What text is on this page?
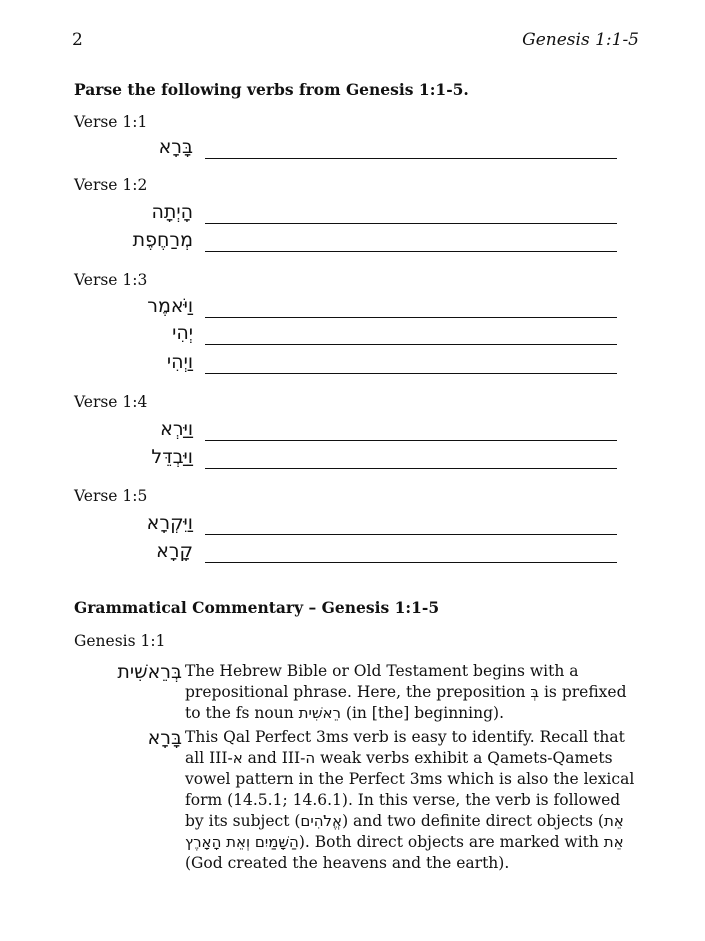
2	Genesis 1:1-5
Parse the following verbs from Genesis 1:1-5.
Verse 1:1
בָּרָא
Verse 1:2
הָיְתָה
מְרַחֶפֶת
Verse 1:3
וַיֹּאמֶר
יְהִי
וַיְהִי
Verse 1:4
וַיַּרְא
וַיַּבְדֵּל
Verse 1:5
וַיִּקְרָא
קָרָא
Grammatical Commentary – Genesis 1:1-5
Genesis 1:1
בְּרֵאשִׁית The Hebrew Bible or Old Testament begins with a prepositional phrase. Here, the preposition בְּ is prefixed to the fs noun רֵאשִׁית (in [the] beginning).
בָּרָא This Qal Perfect 3ms verb is easy to identify. Recall that all III-א and III-ה weak verbs exhibit a Qamets-Qamets vowel pattern in the Perfect 3ms which is also the lexical form (14.5.1; 14.6.1). In this verse, the verb is followed by its subject (אֱלֹהִים) and two definite direct objects (אֵת הַשָּׁמַיִם וְאֵת הָאָרֶץ). Both direct objects are marked with אֵת (God created the heavens and the earth).
